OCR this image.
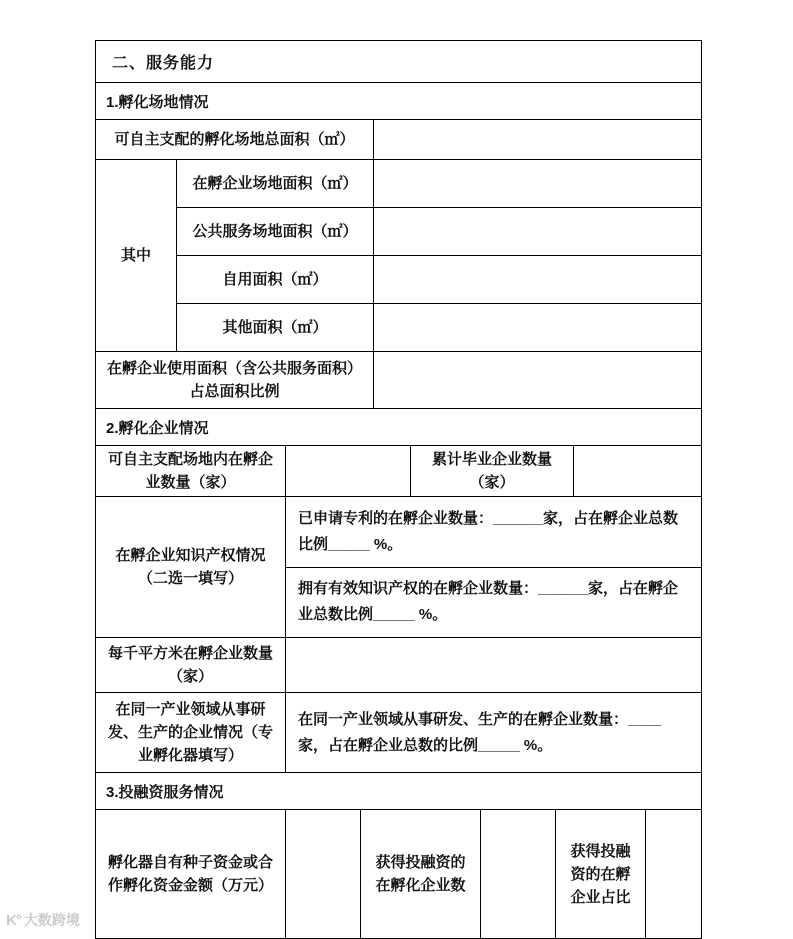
二、服务能力
1.孵化场地情况
可自主支配的孵化场地总面积（㎡）
其中
在孵企业场地面积（㎡）
公共服务场地面积（㎡）
自用面积（㎡）
其他面积（㎡）
在孵企业使用面积（含公共服务面积）占总面积比例
2.孵化企业情况
可自主支配场地内在孵企业数量（家）
累计毕业企业数量（家）
在孵企业知识产权情况（二选一填写）
已申请专利的在孵企业数量：______家，占在孵企业总数比例_____ %。
拥有有效知识产权的在孵企业数量：______家，占在孵企业总数比例_____ %。
每千平方米在孵企业数量（家）
在同一产业领域从事研发、生产的企业情况（专业孵化器填写）
在同一产业领域从事研发、生产的在孵企业数量：____家，占在孵企业总数的比例_____ %。
3.投融资服务情况
孵化器自有种子资金或合作孵化资金金额（万元）
获得投融资的在孵化企业数
获得投融资的在孵企业占比
K° 大数跨境
